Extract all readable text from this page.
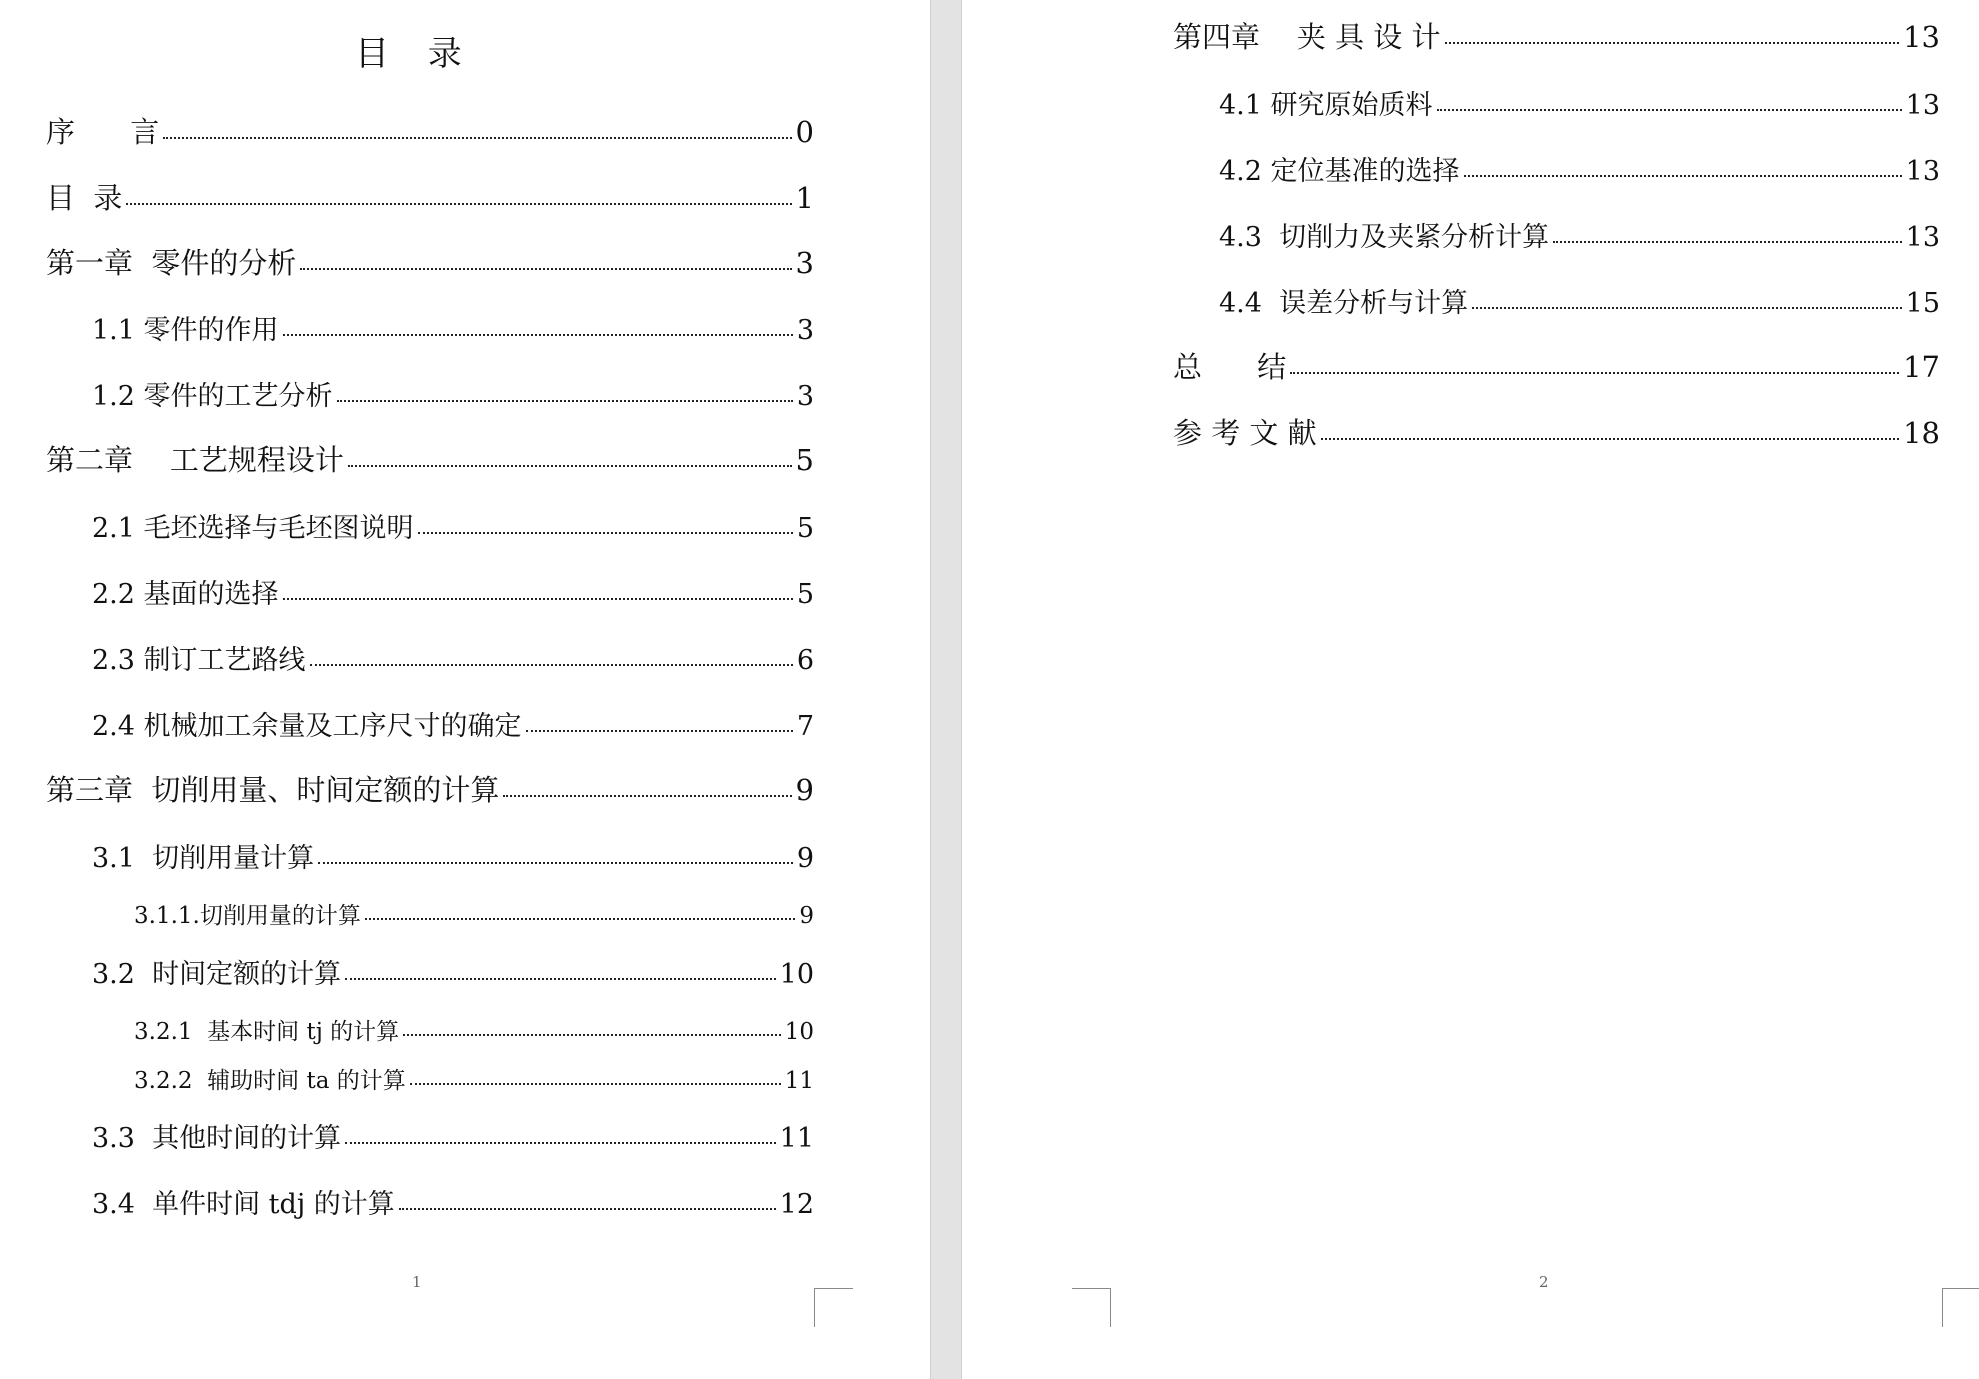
目 录
序      言	0
目  录	1
第一章  零件的分析	3
1.1 零件的作用	3
1.2 零件的工艺分析	3
第二章    工艺规程设计	5
2.1 毛坯选择与毛坯图说明	5
2.2 基面的选择	5
2.3 制订工艺路线	6
2.4 机械加工余量及工序尺寸的确定	7
第三章  切削用量、时间定额的计算	9
3.1  切削用量计算	9
3.1.1.切削用量的计算	9
3.2  时间定额的计算	10
3.2.1  基本时间 tj 的计算	10
3.2.2  辅助时间 ta 的计算	11
3.3  其他时间的计算	11
3.4  单件时间 tdj 的计算	12
1
第四章    夹 具 设 计	13
4.1 研究原始质料	13
4.2 定位基准的选择	13
4.3  切削力及夹紧分析计算	13
4.4  误差分析与计算	15
总      结	17
参 考 文 献	18
2
